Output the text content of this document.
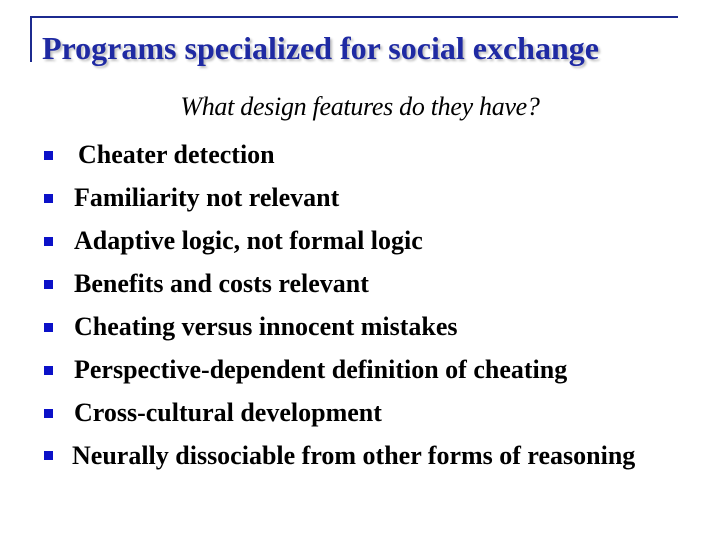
Programs specialized for social exchange
What design features do they have?
Cheater detection
Familiarity not relevant
Adaptive logic, not formal logic
Benefits and costs relevant
Cheating versus innocent mistakes
Perspective-dependent definition of cheating
Cross-cultural development
Neurally dissociable from other forms of reasoning
